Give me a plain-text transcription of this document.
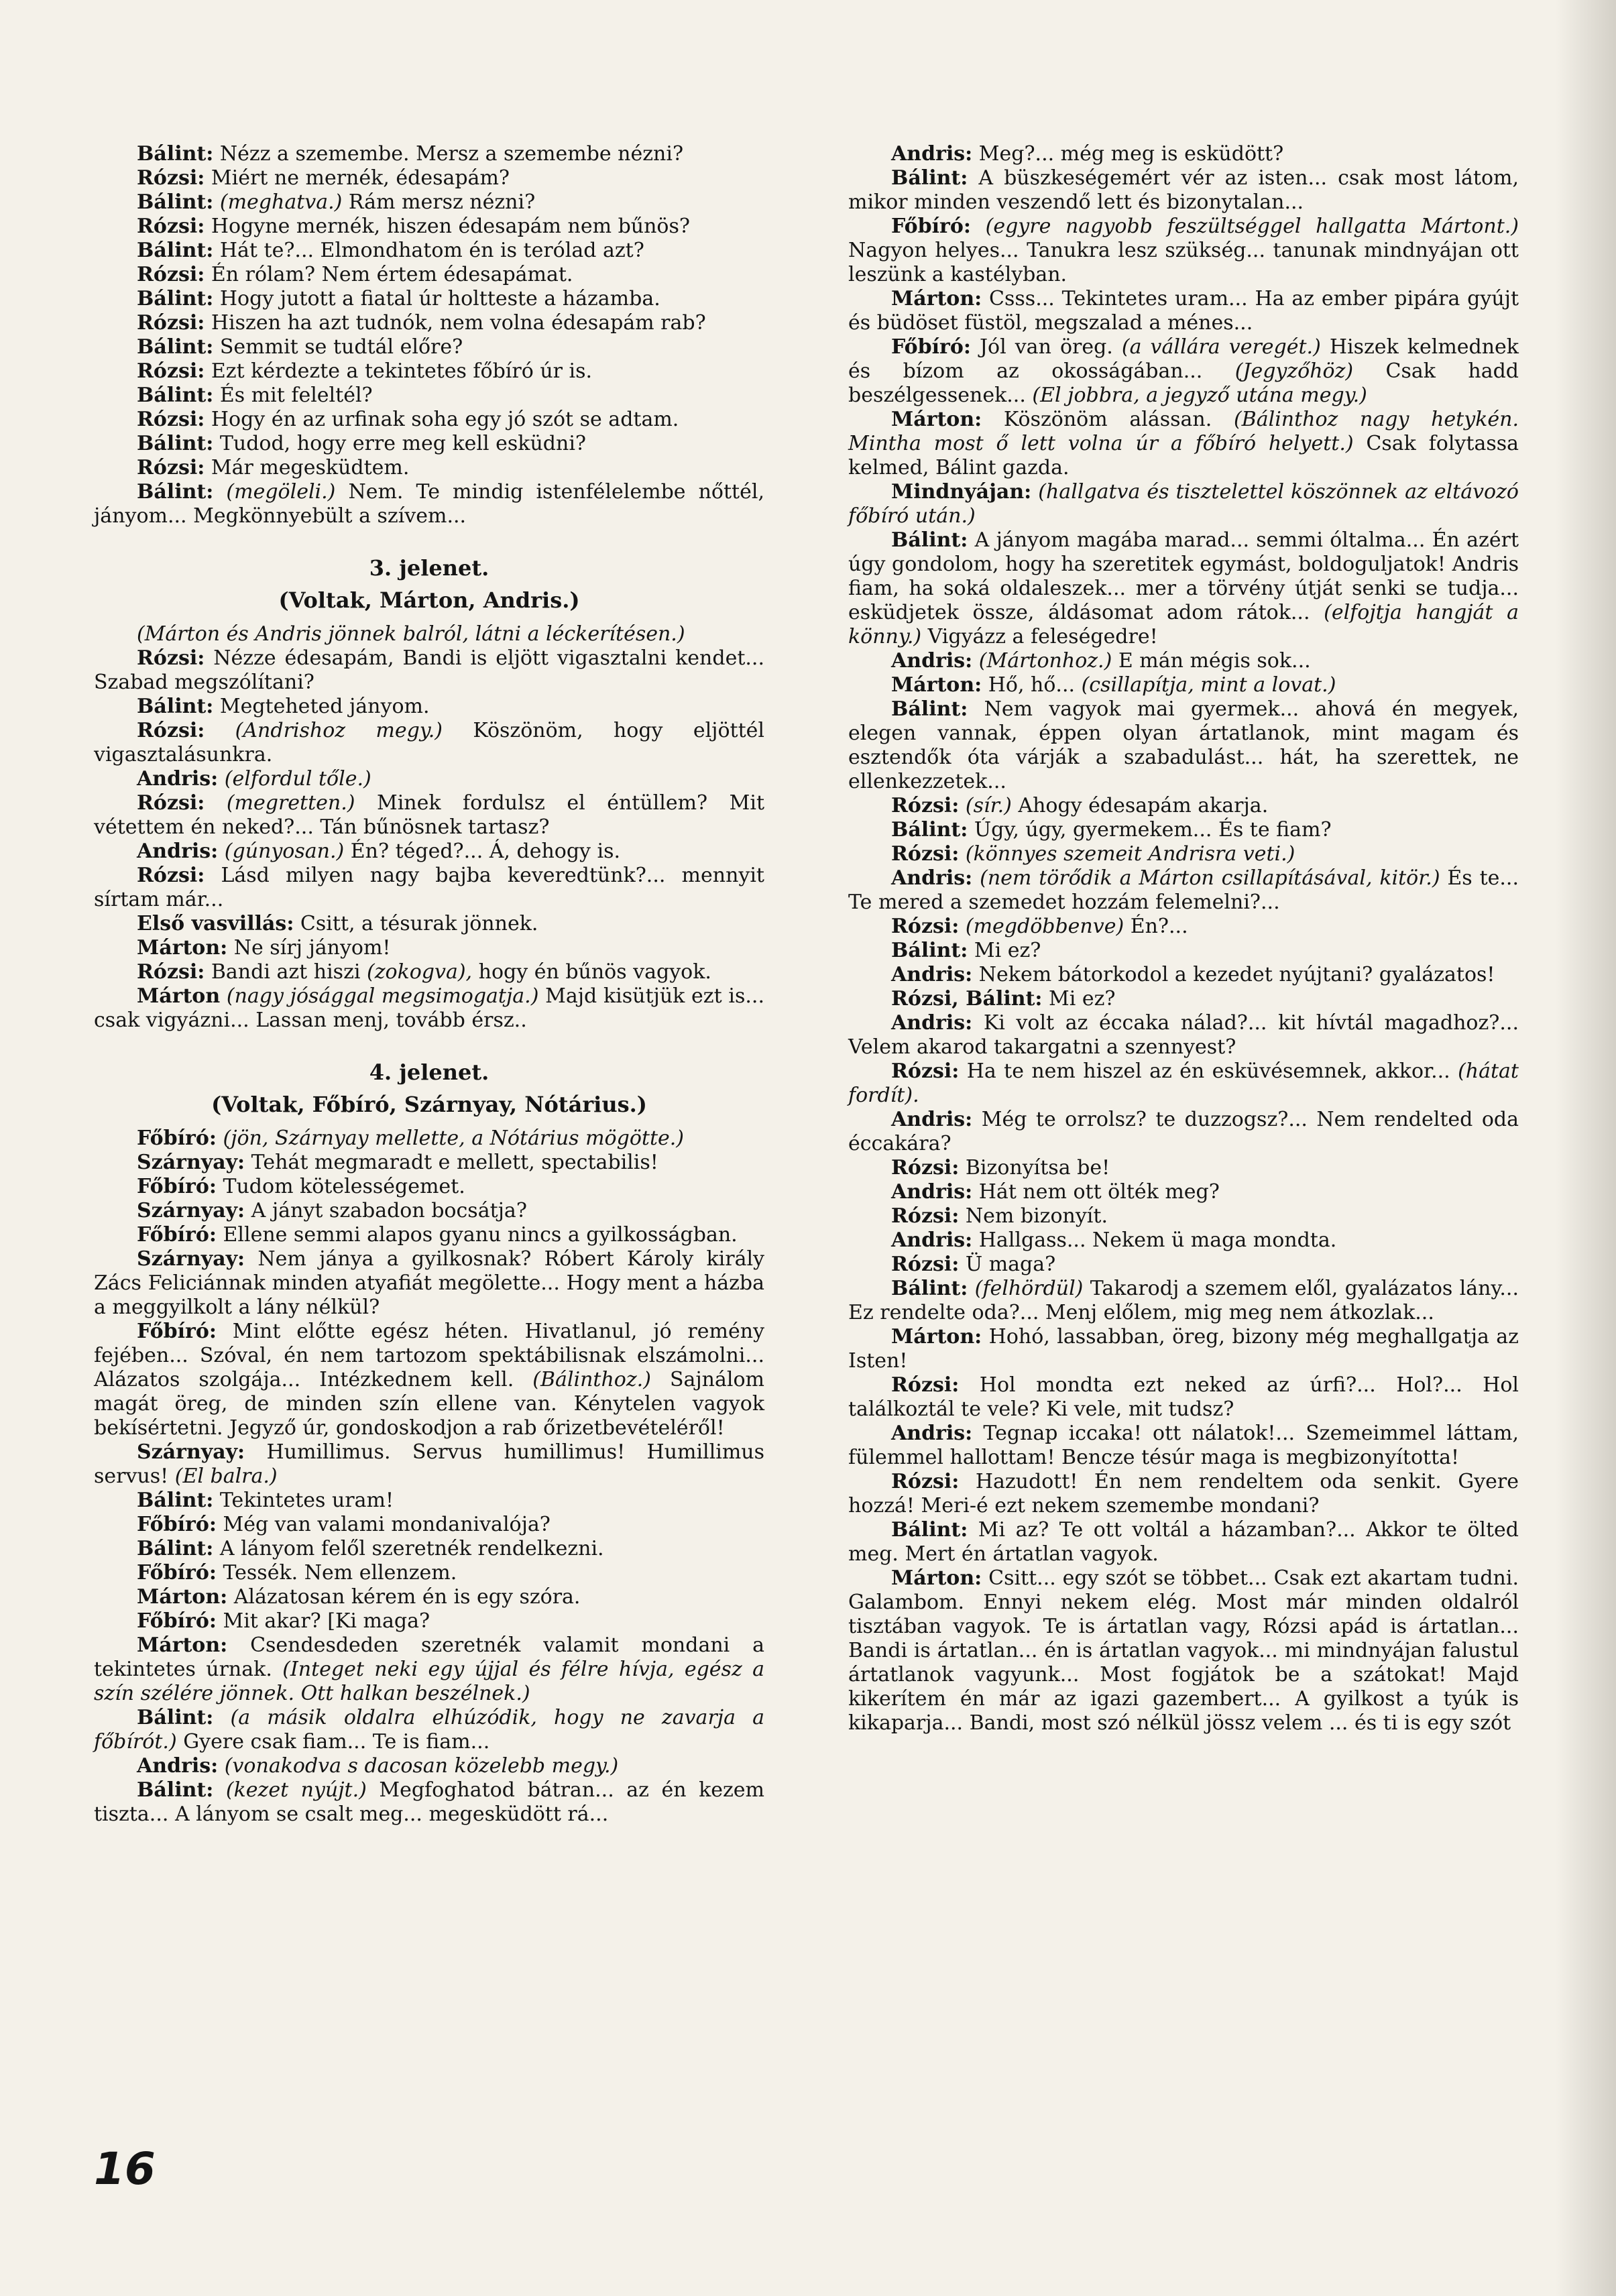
Bálint: Nézz a szemembe. Mersz a szemembe nézni?

Rózsi: Miért ne mernék, édesapám?

Bálint: (meghatva.) Rám mersz nézni?

Rózsi: Hogyne mernék, hiszen édesapám nem bűnös?

Bálint: Hát te?... Elmondhatom én is terólad azt?

Rózsi: Én rólam? Nem értem édesapámat.

Bálint: Hogy jutott a fiatal úr holtteste a házamba.

Rózsi: Hiszen ha azt tudnók, nem volna édesapám rab?

Bálint: Semmit se tudtál előre?

Rózsi: Ezt kérdezte a tekintetes főbíró úr is.

Bálint: És mit feleltél?

Rózsi: Hogy én az urfinak soha egy jó szót se adtam.

Bálint: Tudod, hogy erre meg kell esküdni?

Rózsi: Már megesküdtem.

Bálint: (megöleli.) Nem. Te mindig istenfélelembe nőttél, jányom... Megkönnyebült a szívem...

3. jelenet.
(Voltak, Márton, Andris.)

(Márton és Andris jönnek balról, látni a léckerítésen.)

Rózsi: Nézze édesapám, Bandi is eljött vigasztalni kendet... Szabad megszólítani?

Bálint: Megteheted jányom.

Rózsi: (Andrishoz megy.) Köszönöm, hogy eljöttél vigasztalásunkra.

Andris: (elfordul tőle.)

Rózsi: (megretten.) Minek fordulsz el éntüllem? Mit vétettem én neked?... Tán bűnösnek tartasz?

Andris: (gúnyosan.) Én? téged?... Á, dehogy is.

Rózsi: Lásd milyen nagy bajba keveredtünk?... mennyit sírtam már...

Első vasvillás: Csitt, a tésurak jönnek.

Márton: Ne sírj jányom!

Rózsi: Bandi azt hiszi (zokogva), hogy én bűnös vagyok.

Márton (nagy jósággal megsimogatja.) Majd kisütjük ezt is... csak vigyázni... Lassan menj, tovább érsz..

4. jelenet.
(Voltak, Főbíró, Szárnyay, Nótárius.)

Főbíró: (jön, Szárnyay mellette, a Nótárius mögötte.)

Szárnyay: Tehát megmaradt e mellett, spectabilis!

Főbíró: Tudom kötelességemet.

Szárnyay: A jányt szabadon bocsátja?

Főbíró: Ellene semmi alapos gyanu nincs a gyilkosságban.

Szárnyay: Nem jánya a gyilkosnak? Róbert Károly király Zács Feliciánnak minden atyafiát megölette... Hogy ment a házba a meggyilkolt a lány nélkül?

Főbíró: Mint előtte egész héten. Hivatlanul, jó remény fejében... Szóval, én nem tartozom spektábilisnak elszámolni... Alázatos szolgája... Intézkednem kell. (Bálinthoz.) Sajnálom magát öreg, de minden szín ellene van. Kénytelen vagyok bekísértetni. Jegyző úr, gondoskodjon a rab őrizetbevételéről!

Szárnyay: Humillimus. Servus humillimus! Humillimus servus! (El balra.)

Bálint: Tekintetes uram!

Főbíró: Még van valami mondanivalója?

Bálint: A lányom felől szeretnék rendelkezni.

Főbíró: Tessék. Nem ellenzem.

Márton: Alázatosan kérem én is egy szóra.

Főbíró: Mit akar? [Ki maga?

Márton: Csendesdeden szeretnék valamit mondani a tekintetes úrnak. (Integet neki egy újjal és félre hívja, egész a szín szélére jönnek. Ott halkan beszélnek.)

Bálint: (a másik oldalra elhúzódik, hogy ne zavarja a főbírót.) Gyere csak fiam... Te is fiam...

Andris: (vonakodva s dacosan közelebb megy.)

Bálint: (kezet nyújt.) Megfoghatod bátran... az én kezem tiszta... A lányom se csalt meg... megesküdött rá...

Andris: Meg?... még meg is esküdött?

Bálint: A büszkeségemért vér az isten... csak most látom, mikor minden veszendő lett és bizonytalan...

Főbíró: (egyre nagyobb feszültséggel hallgatta Mártont.) Nagyon helyes... Tanukra lesz szükség... tanunak mindnyájan ott leszünk a kastélyban.

Márton: Csss... Tekintetes uram... Ha az ember pipára gyújt és büdöset füstöl, megszalad a ménes...

Főbíró: Jól van öreg. (a vállára veregét.) Hiszek kelmednek és bízom az okosságában... (Jegyzőhöz) Csak hadd beszélgessenek... (El jobbra, a jegyző utána megy.)

Márton: Köszönöm alássan. (Bálinthoz nagy hetykén. Mintha most ő lett volna úr a főbíró helyett.) Csak folytassa kelmed, Bálint gazda.

Mindnyájan: (hallgatva és tisztelettel köszönnek az eltávozó főbíró után.)

Bálint: A jányom magába marad... semmi óltalma... Én azért úgy gondolom, hogy ha szeretitek egymást, boldoguljatok! Andris fiam, ha soká oldaleszek... mer a törvény útját senki se tudja... esküdjetek össze, áldásomat adom rátok... (elfojtja hangját a könny.) Vigyázz a feleségedre!

Andris: (Mártonhoz.) E mán mégis sok...

Márton: Hő, hő... (csillapítja, mint a lovat.)

Bálint: Nem vagyok mai gyermek... ahová én megyek, elegen vannak, éppen olyan ártatlanok, mint magam és esztendők óta várják a szabadulást... hát, ha szerettek, ne ellenkezzetek...

Rózsi: (sír.) Ahogy édesapám akarja.

Bálint: Úgy, úgy, gyermekem... És te fiam?

Rózsi: (könnyes szemeit Andrisra veti.)

Andris: (nem törődik a Márton csillapításával, kitör.) És te... Te mered a szemedet hozzám felemelni?...

Rózsi: (megdöbbenve) Én?...

Bálint: Mi ez?

Andris: Nekem bátorkodol a kezedet nyújtani? gyalázatos!

Rózsi, Bálint: Mi ez?

Andris: Ki volt az éccaka nálad?... kit hívtál magadhoz?... Velem akarod takargatni a szennyest?

Rózsi: Ha te nem hiszel az én esküvésemnek, akkor... (hátat fordít).

Andris: Még te orrolsz? te duzzogsz?... Nem rendelted oda éccakára?

Rózsi: Bizonyítsa be!

Andris: Hát nem ott ölték meg?

Rózsi: Nem bizonyít.

Andris: Hallgass... Nekem ü maga mondta.

Rózsi: Ü maga?

Bálint: (felhördül) Takarodj a szemem elől, gyalázatos lány... Ez rendelte oda?... Menj előlem, mig meg nem átkozlak...

Márton: Hohó, lassabban, öreg, bizony még meghallgatja az Isten!

Rózsi: Hol mondta ezt neked az úrfi?... Hol?... Hol találkoztál te vele? Ki vele, mit tudsz?

Andris: Tegnap iccaka! ott nálatok!... Szemeimmel láttam, fülemmel hallottam! Bencze tésúr maga is megbizonyította!

Rózsi: Hazudott! Én nem rendeltem oda senkit. Gyere hozzá! Meri-é ezt nekem szemembe mondani?

Bálint: Mi az? Te ott voltál a házamban?... Akkor te ölted meg. Mert én ártatlan vagyok.

Márton: Csitt... egy szót se többet... Csak ezt akartam tudni. Galambom. Ennyi nekem elég. Most már minden oldalról tisztában vagyok. Te is ártatlan vagy, Rózsi apád is ártatlan... Bandi is ártatlan... én is ártatlan vagyok... mi mindnyájan falustul ártatlanok vagyunk... Most fogjátok be a szátokat! Majd kikerítem én már az igazi gazembert... A gyilkost a tyúk is kikaparja... Bandi, most szó nélkül jössz velem ... és ti is egy szót

16
